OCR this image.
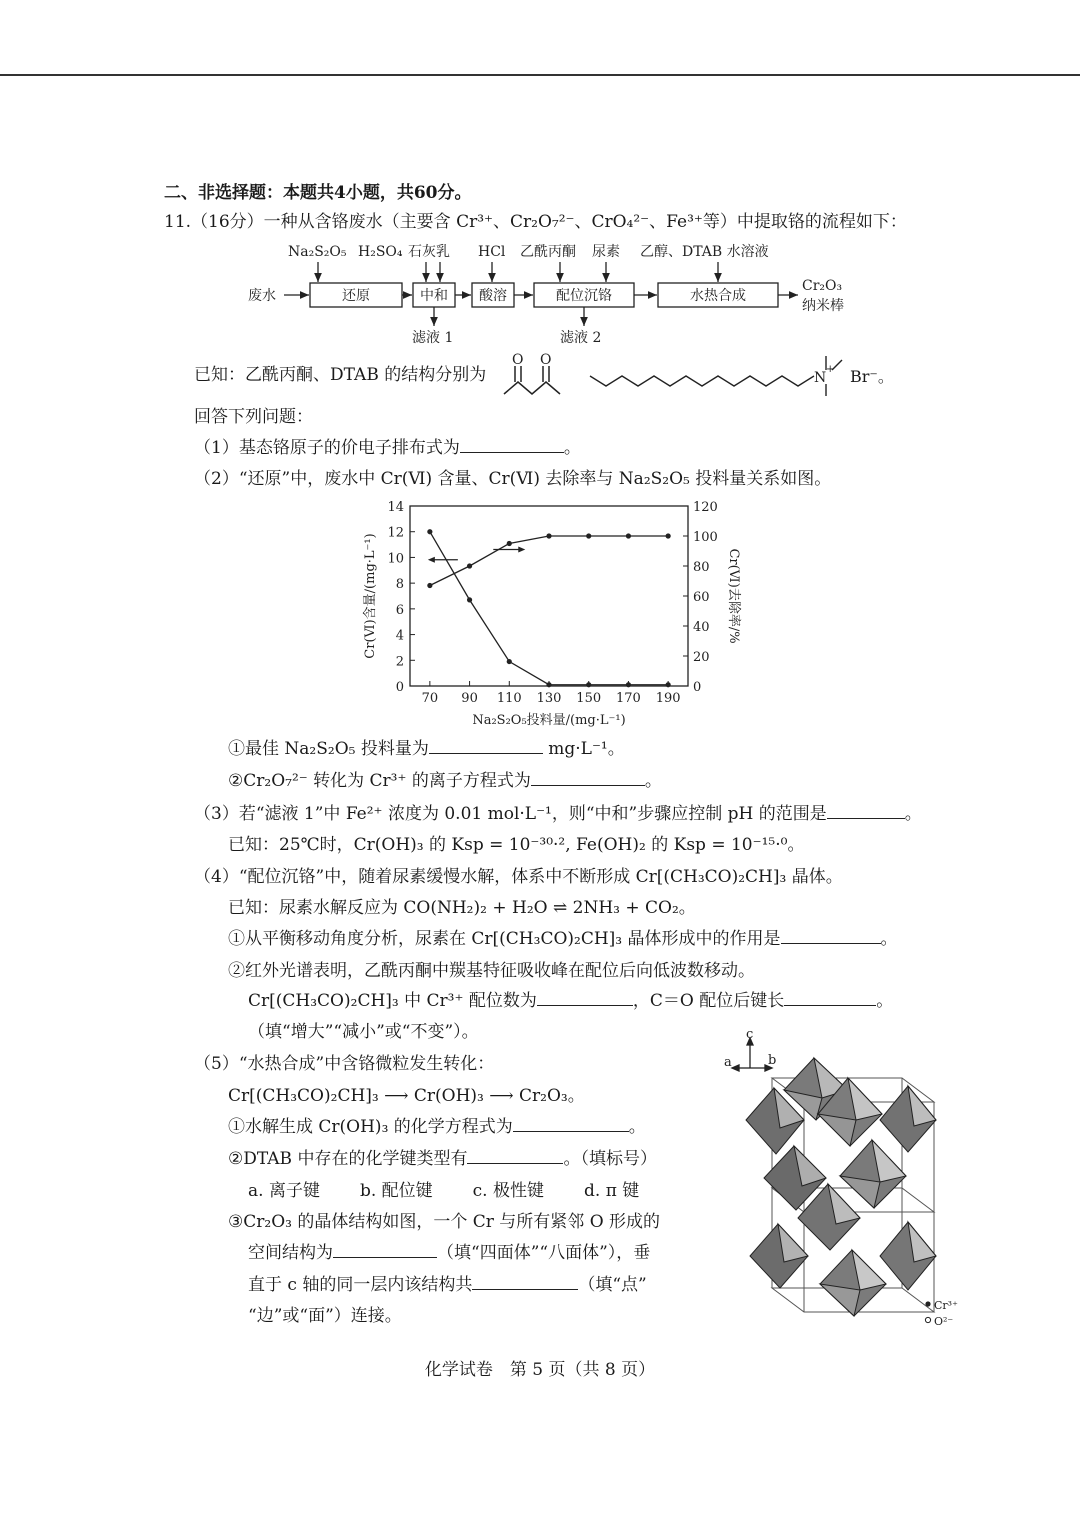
二、非选择题：本题共4小题，共60分。
11.（16分）一种从含铬废水（主要含 Cr³⁺、Cr₂O₇²⁻、CrO₄²⁻、Fe³⁺等）中提取铬的流程如下：
Na₂S₂O₅ H₂SO₄ 石灰乳 HCl 乙酰丙酮 尿素 乙醇、DTAB 水溶液
废水
Cr₂O₃
纳米棒
滤液 1	滤液 2
还原	中和 酸溶	配位沉铬	水热合成
已知：乙酰丙酮、DTAB 的结构分别为
O O
N
+ Br⁻。
回答下列问题：
（1）基态铬原子的价电子排布式为	。
（2）“还原”中，废水中 Cr(Ⅵ) 含量、Cr(Ⅵ) 去除率与 Na₂S₂O₅ 投料量关系如图。
0
2
4
6
8
10
12
14
0
20
40
60
80
100
120
70 90 110 130 150 170 190
Na₂S₂O₅投料量/(mg·L⁻¹)
Cr(Ⅵ)含量/(mg·L⁻¹)	Cr(Ⅵ)去除率/%
①最佳 Na₂S₂O₅ 投料量为	mg·L⁻¹。
②Cr₂O₇²⁻ 转化为 Cr³⁺ 的离子方程式为	。
（3）若“滤液 1”中 Fe²⁺ 浓度为 0.01 mol·L⁻¹，则“中和”步骤应控制 pH 的范围是	。
已知：25℃时，Cr(OH)₃ 的 Ksp = 10⁻³⁰·², Fe(OH)₂ 的 Ksp = 10⁻¹⁵·⁰。
（4）“配位沉铬”中，随着尿素缓慢水解，体系中不断形成 Cr[(CH₃CO)₂CH]₃ 晶体。
已知：尿素水解反应为 CO(NH₂)₂ + H₂O ⇌ 2NH₃ + CO₂。
①从平衡移动角度分析，尿素在 Cr[(CH₃CO)₂CH]₃ 晶体形成中的作用是	。
②红外光谱表明，乙酰丙酮中羰基特征吸收峰在配位后向低波数移动。
Cr[(CH₃CO)₂CH]₃ 中 Cr³⁺ 配位数为	，C＝O 配位后键长	。
（填“增大”“减小”或“不变”）。
（5）“水热合成”中含铬微粒发生转化：
Cr[(CH₃CO)₂CH]₃ ⟶ Cr(OH)₃ ⟶ Cr₂O₃。
①水解生成 Cr(OH)₃ 的化学方程式为	。
②DTAB 中存在的化学键类型有	。（填标号）
a. 离子键 b. 配位键 c. 极性键 d. π 键
③Cr₂O₃ 的晶体结构如图，一个 Cr 与所有紧邻 O 形成的
空间结构为	（填“四面体”“八面体”），垂
直于 c 轴的同一层内该结构共	（填“点”
“边”或“面”）连接。
c
a	b
Cr³⁺
O²⁻
化学试卷　第 5 页（共 8 页）
